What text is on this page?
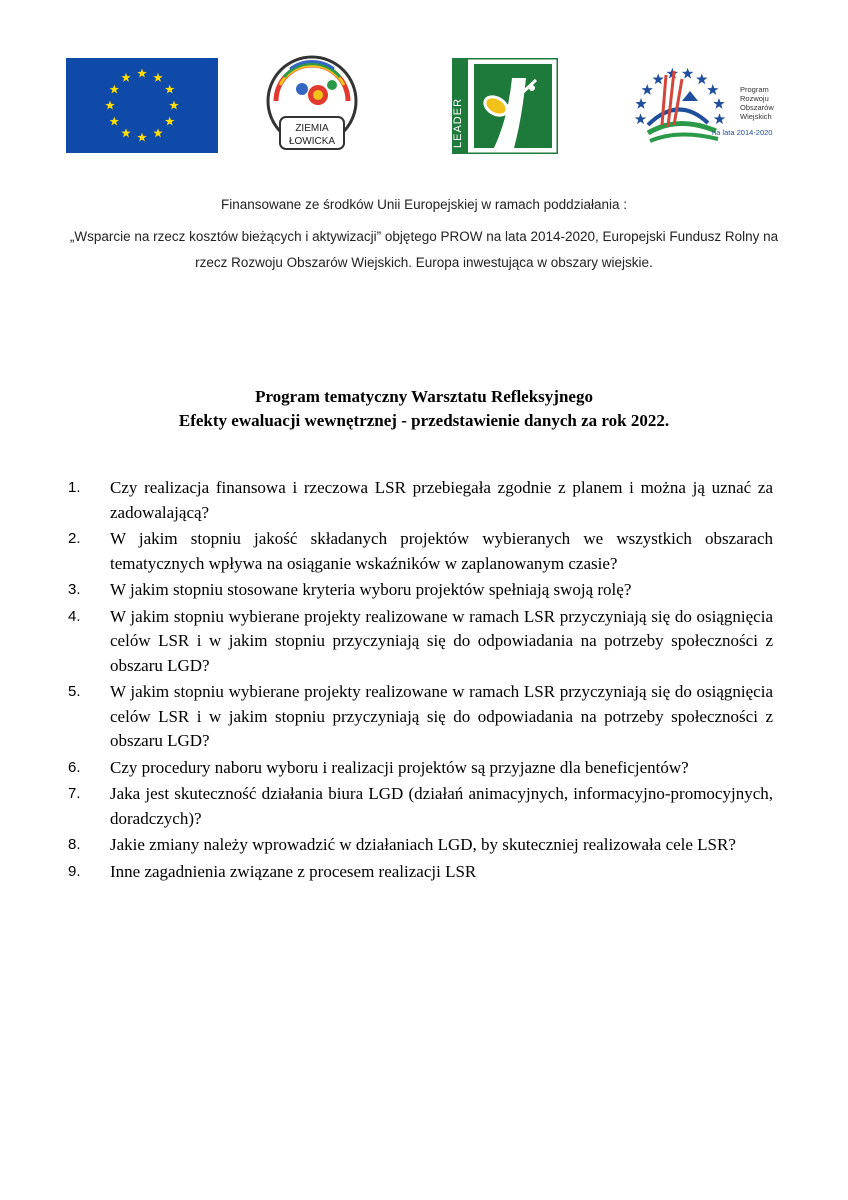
ZIEMIA
ŁOWICKA	LEADER
Program
Rozwoju
Obszarów
Wiejskich
na lata 2014-2020

Finansowane ze środków Unii Europejskiej w ramach poddziałania :

„Wsparcie na rzecz kosztów bieżących i aktywizacji” objętego PROW na lata 2014-2020, Europejski Fundusz Rolny na rzecz Rozwoju Obszarów Wiejskich. Europa inwestująca w obszary wiejskie.

Program tematyczny Warsztatu Refleksyjnego
Efekty ewaluacji wewnętrznej - przedstawienie danych za rok 2022.
1. Czy realizacja finansowa i rzeczowa LSR przebiegała zgodnie z planem i można ją uznać za zadowalającą?
2. W jakim stopniu jakość składanych projektów wybieranych we wszystkich obszarach tematycznych wpływa na osiąganie wskaźników w zaplanowanym czasie?
3. W jakim stopniu stosowane kryteria wyboru projektów spełniają swoją rolę?
4. W jakim stopniu wybierane projekty realizowane w ramach LSR przyczyniają się do osiągnięcia celów LSR i w jakim stopniu przyczyniają się do odpowiadania na potrzeby społeczności z obszaru LGD?
5. W jakim stopniu wybierane projekty realizowane w ramach LSR przyczyniają się do osiągnięcia celów LSR i w jakim stopniu przyczyniają się do odpowiadania na potrzeby społeczności z obszaru LGD?
6. Czy procedury naboru wyboru i realizacji projektów są przyjazne dla beneficjentów?
7. Jaka jest skuteczność działania biura LGD (działań animacyjnych, informacyjno-promocyjnych, doradczych)?
8. Jakie zmiany należy wprowadzić w działaniach LGD, by skuteczniej realizowała cele LSR?
9. Inne zagadnienia związane z procesem realizacji LSR
